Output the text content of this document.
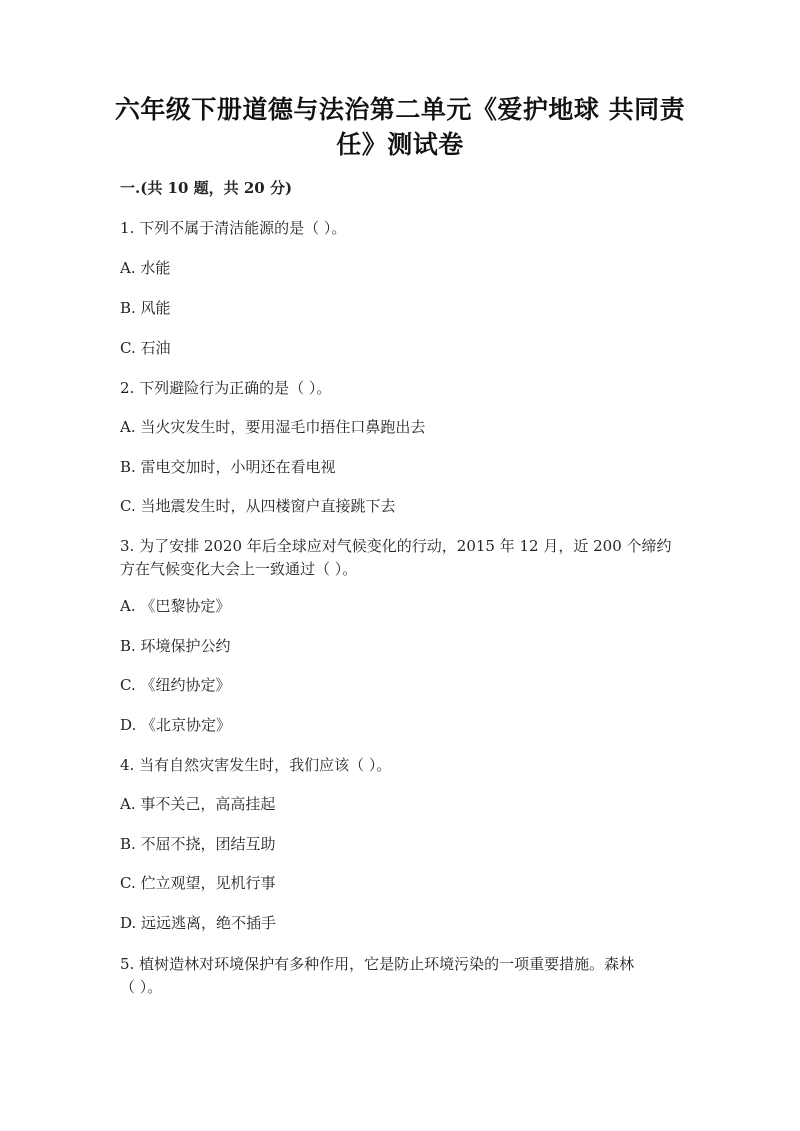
六年级下册道德与法治第二单元《爱护地球 共同责
任》测试卷
一.(共 10 题，共 20 分)
1. 下列不属于清洁能源的是（ ）。
A. 水能
B. 风能
C. 石油
2. 下列避险行为正确的是（ ）。
A. 当火灾发生时，要用湿毛巾捂住口鼻跑出去
B. 雷电交加时，小明还在看电视
C. 当地震发生时，从四楼窗户直接跳下去
3. 为了安排 2020 年后全球应对气候变化的行动，2015 年 12 月，近 200 个缔约
方在气候变化大会上一致通过（ ）。
A. 《巴黎协定》
B. 环境保护公约
C. 《纽约协定》
D. 《北京协定》
4. 当有自然灾害发生时，我们应该（ ）。
A. 事不关己，高高挂起
B. 不屈不挠，团结互助
C. 伫立观望，见机行事
D. 远远逃离，绝不插手
5. 植树造林对环境保护有多种作用，它是防止环境污染的一项重要措施。森林
（ ）。
